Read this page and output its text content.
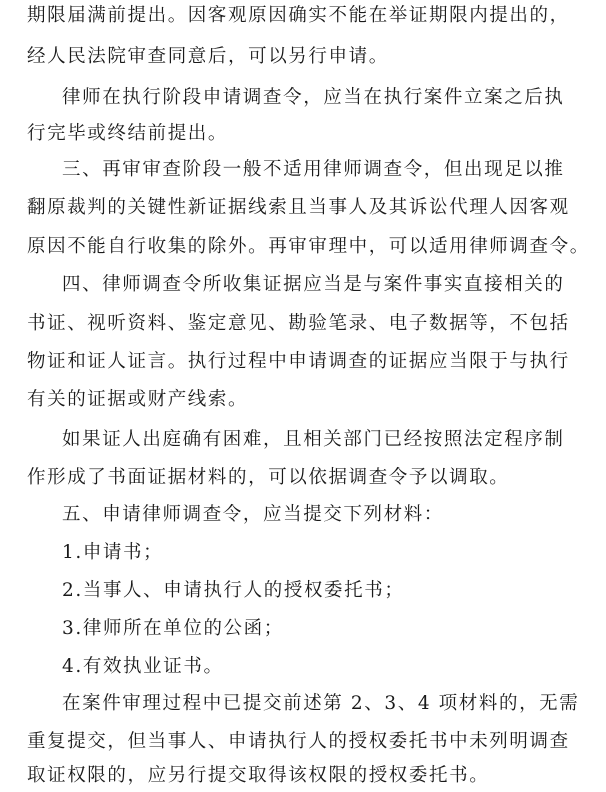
期限届满前提出。因客观原因确实不能在举证期限内提出的，
经人民法院审查同意后，可以另行申请。
律师在执行阶段申请调查令，应当在执行案件立案之后执
行完毕或终结前提出。
三、再审审查阶段一般不适用律师调查令，但出现足以推
翻原裁判的关键性新证据线索且当事人及其诉讼代理人因客观
原因不能自行收集的除外。再审审理中，可以适用律师调查令。
四、律师调查令所收集证据应当是与案件事实直接相关的
书证、视听资料、鉴定意见、勘验笔录、电子数据等，不包括
物证和证人证言。执行过程中申请调查的证据应当限于与执行
有关的证据或财产线索。
如果证人出庭确有困难，且相关部门已经按照法定程序制
作形成了书面证据材料的，可以依据调查令予以调取。
五、申请律师调查令，应当提交下列材料：
1.申请书；
2.当事人、申请执行人的授权委托书；
3.律师所在单位的公函；
4.有效执业证书。
在案件审理过程中已提交前述第 2、3、4 项材料的，无需
重复提交，但当事人、申请执行人的授权委托书中未列明调查
取证权限的，应另行提交取得该权限的授权委托书。
